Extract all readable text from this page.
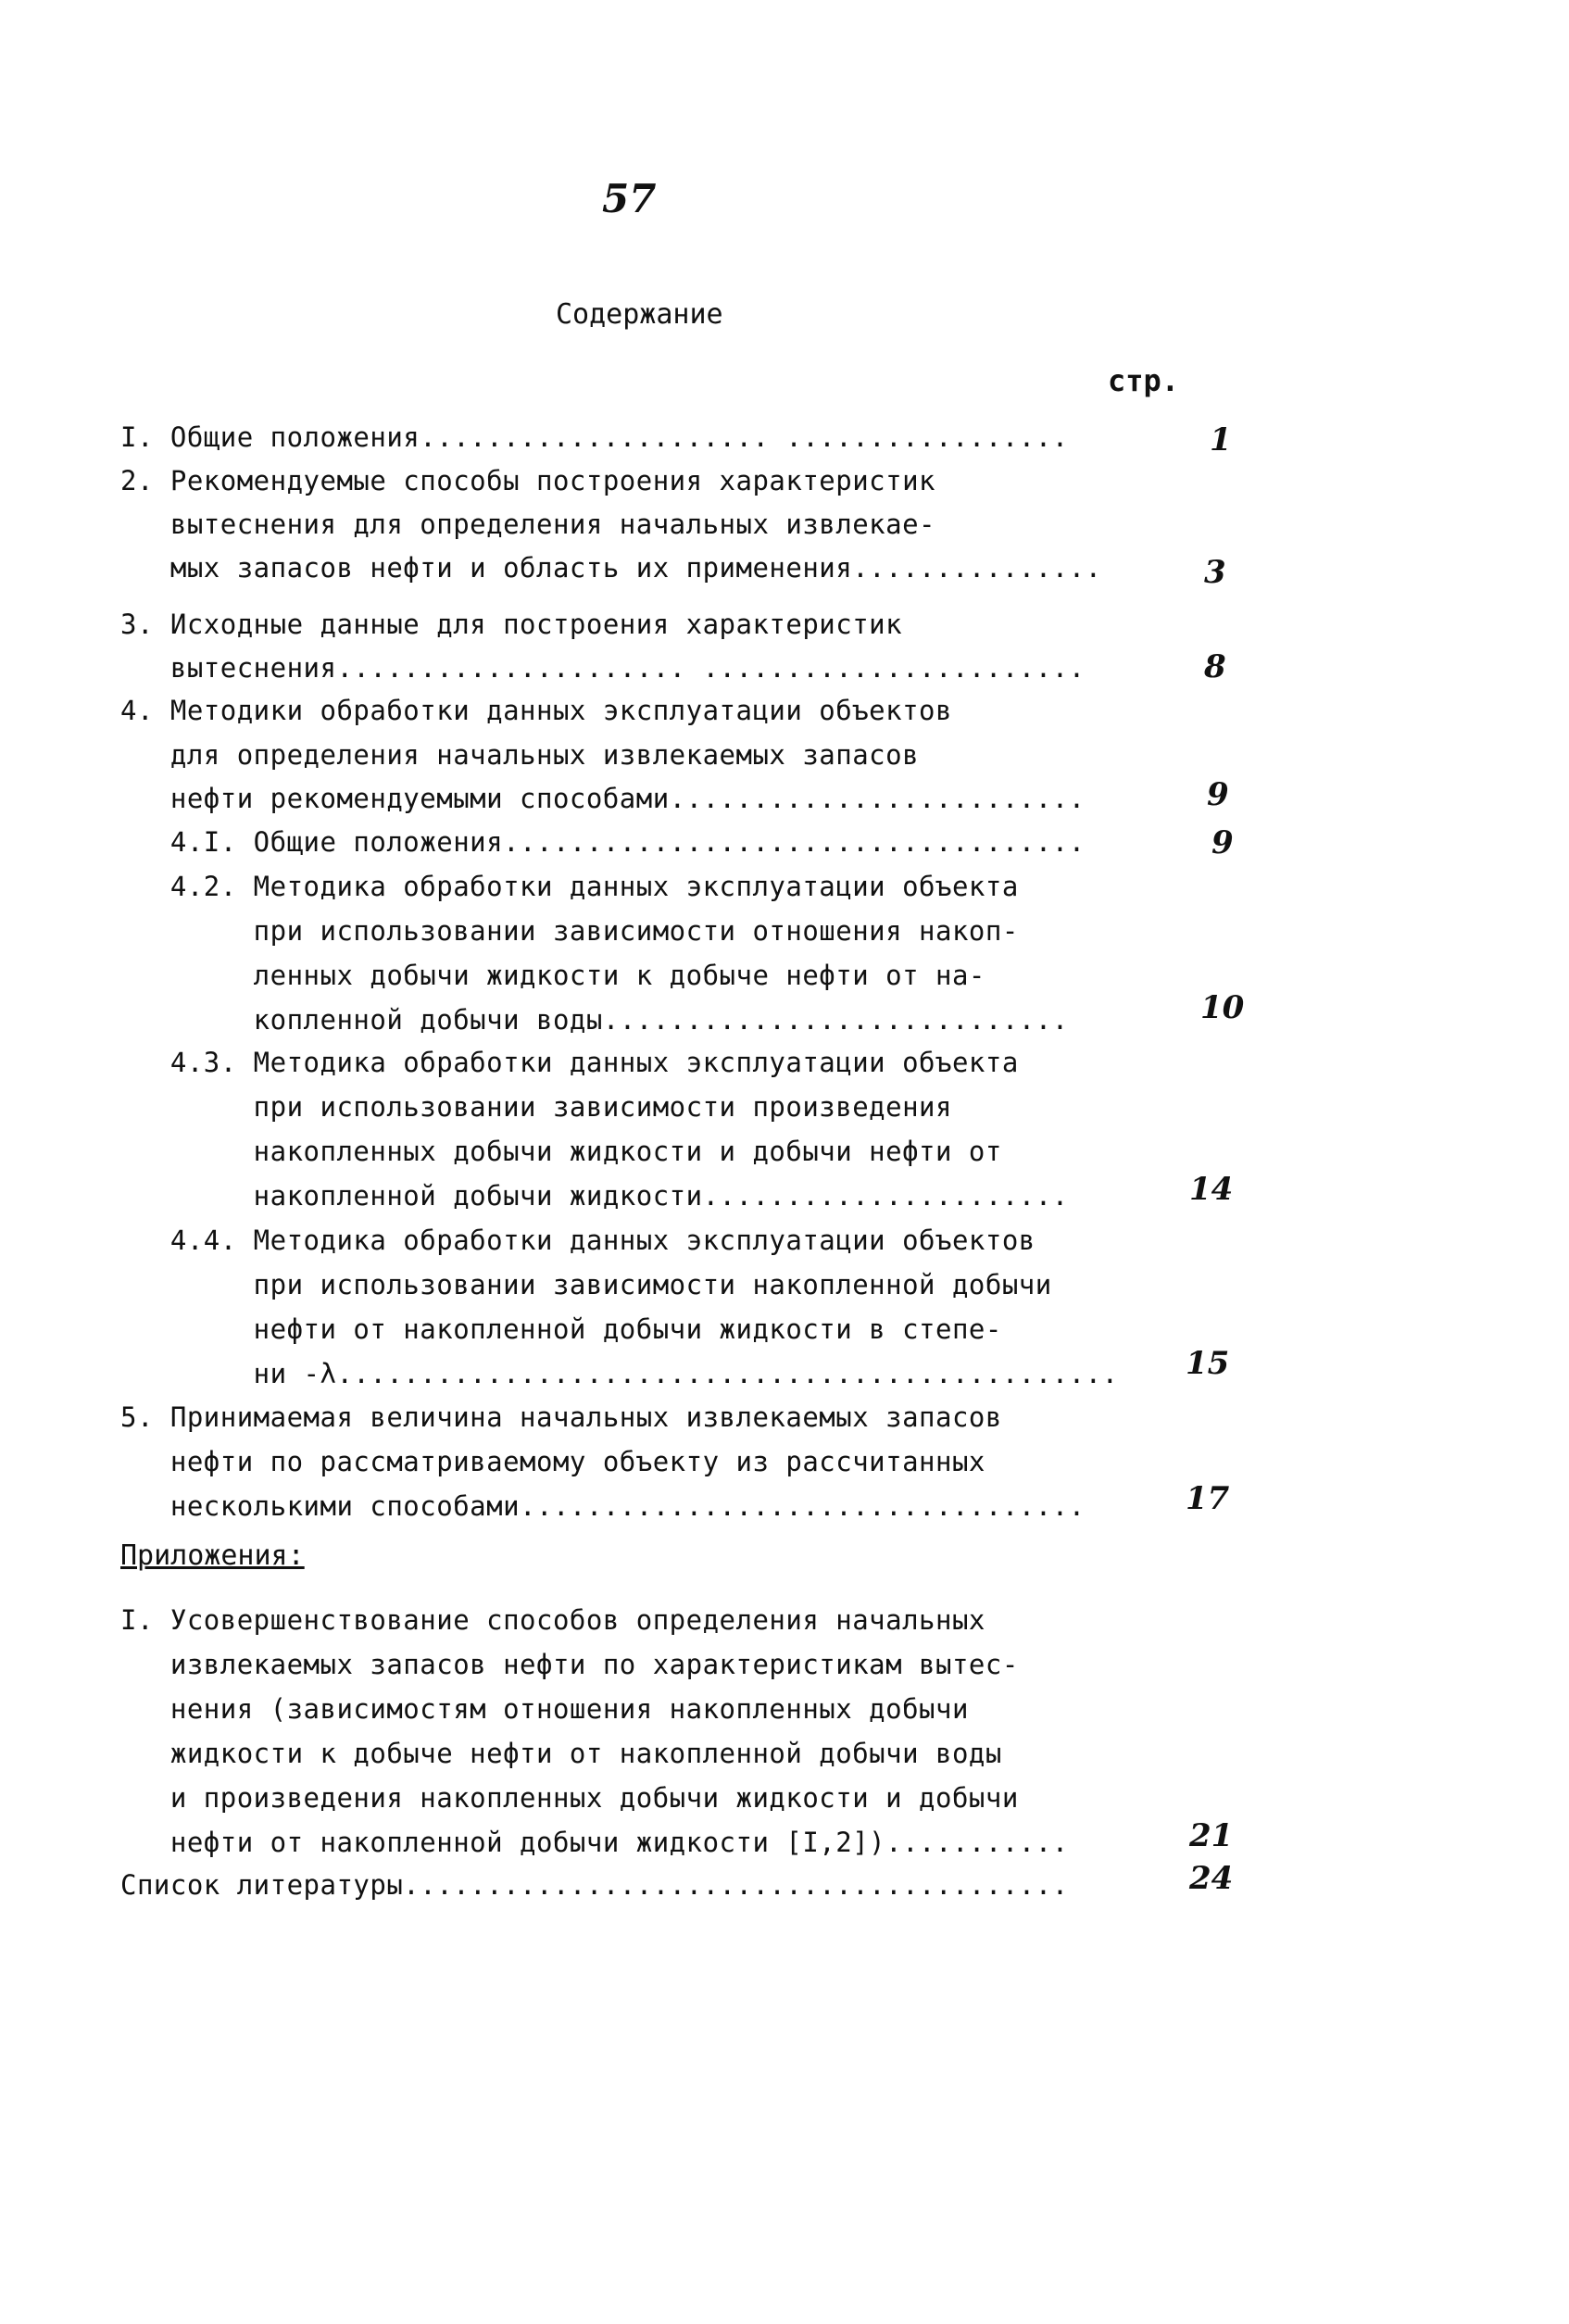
57
Содержание
стр.
I. Общие положения..................... .................	1
2. Рекомендуемые способы построения характеристик
вытеснения для определения начальных извлекае-
мых запасов нефти и область их применения...............	3
3. Исходные данные для построения характеристик
вытеснения..................... .......................	8
4. Методики обработки данных эксплуатации объектов
для определения начальных извлекаемых запасов
нефти рекомендуемыми способами.........................	9
4.I. Общие положения...................................	9
4.2. Методика обработки данных эксплуатации объекта
при использовании зависимости отношения накоп-
ленных добычи жидкости к добыче нефти от на-
копленной добычи воды............................	10
4.3. Методика обработки данных эксплуатации объекта
при использовании зависимости произведения
накопленных добычи жидкости и добычи нефти от
накопленной добычи жидкости......................	14
4.4. Методика обработки данных эксплуатации объектов
при использовании зависимости накопленной добычи
нефти от накопленной добычи жидкости в степе-
ни -λ............................................... 15
5. Принимаемая величина начальных извлекаемых запасов
нефти по рассматриваемому объекту из рассчитанных
несколькими способами..................................	17
Приложения:
I. Усовершенствование способов определения начальных
извлекаемых запасов нефти по характеристикам вытес-
нения (зависимостям отношения накопленных добычи
жидкости к добыче нефти от накопленной добычи воды
и произведения накопленных добычи жидкости и добычи
нефти от накопленной добычи жидкости [I,2])...........	21
Список литературы........................................	24
